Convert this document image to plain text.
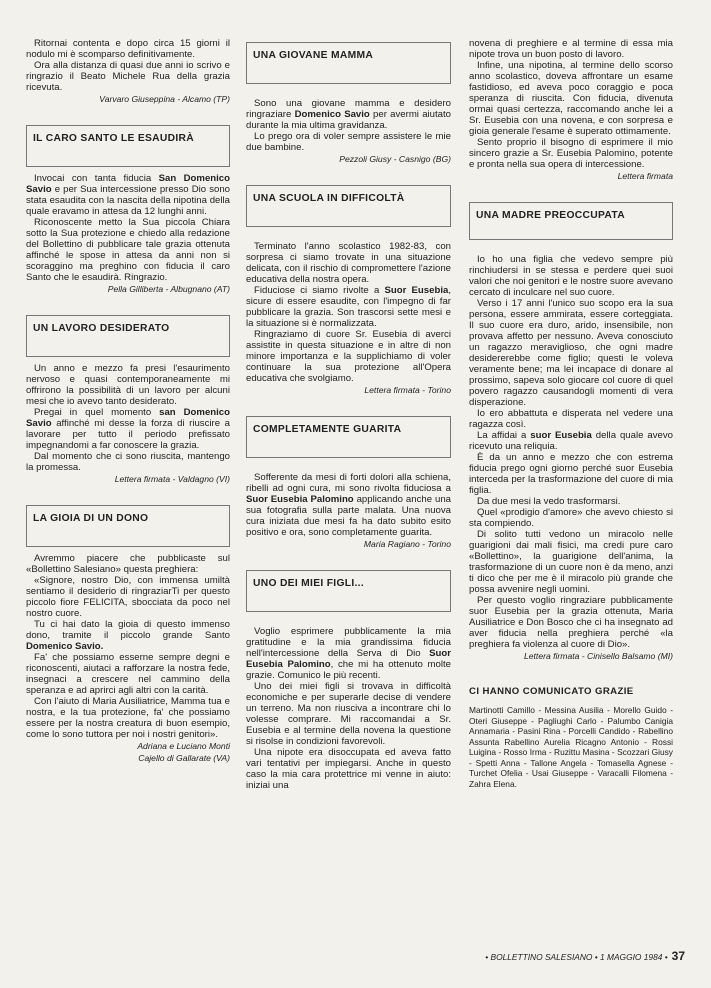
Ritornai contenta e dopo circa 15 giorni il nodulo mi è scomparso definitivamente.

Ora alla distanza di quasi due anni io scrivo e ringrazio il Beato Michele Rua della grazia ricevuta.

Varvaro Giuseppina - Alcamo (TP)
IL CARO SANTO LE ESAUDIRÀ

Invocai con tanta fiducia San Domenico Savio e per Sua intercessione presso Dio sono stata esaudita con la nascita della nipotina della quale eravamo in attesa da 12 lunghi anni.

Riconoscente metto la Sua piccola Chiara sotto la Sua protezione e chiedo alla redazione del Bollettino di pubblicare tale grazia ottenuta affinché le spose in attesa da anni non si scoraggino ma preghino con fiducia il caro Santo che le esaudirà. Ringrazio.

Pella Gilliberta - Albugnano (AT)
UN LAVORO DESIDERATO

Un anno e mezzo fa presi l'esaurimento nervoso e quasi contemporaneamente mi offrirono la possibilità di un lavoro per alcuni mesi che io avevo tanto desiderato.

Pregai in quel momento san Domenico Savio affinché mi desse la forza di riuscire a lavorare per tutto il periodo prefissato impegnandomi a far conoscere la grazia.

Dal momento che ci sono riuscita, mantengo la promessa.

Lettera firmata - Valdagno (VI)
LA GIOIA DI UN DONO

Avremmo piacere che pubblicaste sul «Bollettino Salesiano» questa preghiera:

«Signore, nostro Dio, con immensa umiltà sentiamo il desiderio di ringraziarTi per questo piccolo fiore FELICITA, sbocciata da poco nel nostro cuore.

Tu ci hai dato la gioia di questo immenso dono, tramite il piccolo grande Santo Domenico Savio.

Fa' che possiamo esserne sempre degni e riconoscenti, aiutaci a rafforzare la nostra fede, insegnaci a crescere nel cammino della speranza e ad aprirci agli altri con la carità.

Con l'aiuto di Maria Ausiliatrice, Mamma tua e nostra, e la tua protezione, fa' che possiamo essere per la nostra creatura di buon esempio, come lo sono tuttora per noi i nostri genitori».

Adriana e Luciano Monti
Cajello di Gallarate (VA)
UNA GIOVANE MAMMA

Sono una giovane mamma e desidero ringraziare Domenico Savio per avermi aiutato durante la mia ultima gravidanza.

Lo prego ora di voler sempre assistere le mie due bambine.

Pezzoli Giusy - Casnigo (BG)
UNA SCUOLA IN DIFFICOLTÀ

Terminato l'anno scolastico 1982-83, con sorpresa ci siamo trovate in una situazione delicata, con il rischio di compromettere l'azione educativa della nostra opera.

Fiduciose ci siamo rivolte a Suor Eusebia, sicure di essere esaudite, con l'impegno di far pubblicare la grazia. Son trascorsi sette mesi e la situazione si è normalizzata.

Ringraziamo di cuore Sr. Eusebia di averci assistite in questa situazione e in altre di non minore importanza e la supplichiamo di voler continuare la sua protezione all'Opera educativa che svolgiamo.

Lettera firmata - Torino
COMPLETAMENTE GUARITA

Sofferente da mesi di forti dolori alla schiena, ribelli ad ogni cura, mi sono rivolta fiduciosa a Suor Eusebia Palomino applicando anche una sua fotografia sulla parte malata. Una nuova cura iniziata due mesi fa ha dato subito esito positivo e ora, sono completamente guarita.

Maria Ragiano - Torino
UNO DEI MIEI FIGLI...

Voglio esprimere pubblicamente la mia gratitudine e la mia grandissima fiducia nell'intercessione della Serva di Dio Suor Eusebia Palomino, che mi ha ottenuto molte grazie. Comunico le più recenti.

Uno dei miei figli si trovava in difficoltà economiche e per superarle decise di vendere un terreno. Ma non riusciva a incontrare chi lo volesse comprare. Mi raccomandai a Sr. Eusebia e al termine della novena la questione si risolse in condizioni favorevoli.

Una nipote era disoccupata ed aveva fatto vari tentativi per impiegarsi. Anche in questo caso la mia cara protettrice mi venne in aiuto: iniziai una

novena di preghiere e al termine di essa mia nipote trova un buon posto di lavoro.

Infine, una nipotina, al termine dello scorso anno scolastico, doveva affrontare un esame fastidioso, ed aveva poco coraggio e poca speranza di riuscita. Con fiducia, divenuta ormai quasi certezza, raccomando anche lei a Sr. Eusebia con una novena, e con sorpresa e gioia generale l'esame è superato ottimamente.

Sento proprio il bisogno di esprimere il mio sincero grazie a Sr. Eusebia Palomino, potente e pronta nella sua opera di intercessione.

Lettera firmata
UNA MADRE PREOCCUPATA

Io ho una figlia che vedevo sempre più rinchiudersi in se stessa e perdere quei suoi valori che noi genitori e le nostre suore avevano cercato di inculcare nel suo cuore.

Verso i 17 anni l'unico suo scopo era la sua persona, essere ammirata, essere corteggiata. Il suo cuore era duro, arido, insensibile, non provava affetto per nessuno. Aveva conosciuto un ragazzo meraviglioso, che ogni madre desidererebbe come figlio; questi le voleva veramente bene; ma lei incapace di donare al prossimo, sapeva solo giocare col cuore di quel povero ragazzo causandogli momenti di vera disperazione.

Io ero abbattuta e disperata nel vedere una ragazza così.

La affidai a suor Eusebia della quale avevo ricevuto una reliquia.

È da un anno e mezzo che con estrema fiducia prego ogni giorno perché suor Eusebia interceda per la trasformazione del cuore di mia figlia.

Da due mesi la vedo trasformarsi.

Quel «prodigio d'amore» che avevo chiesto si sta compiendo.

Di solito tutti vedono un miracolo nelle guarigioni dai mali fisici, ma credi pure caro «Bollettino», la guarigione dell'anima, la trasformazione di un cuore non è da meno, anzi ti dico che per me è il miracolo più grande che possa avvenire negli uomini.

Per questo voglio ringraziare pubblicamente suor Eusebia per la grazia ottenuta, Maria Ausiliatrice e Don Bosco che ci ha insegnato ad aver fiducia nella preghiera perché «la preghiera fa violenza al cuore di Dio».

Lettera firmata - Cinisello Balsamo (MI)
CI HANNO COMUNICATO GRAZIE
Martinotti Camillo - Messina Ausilia - Morello Guido - Oteri Giuseppe - Pagliughi Carlo - Palumbo Canigia Annamaria - Pasini Rina - Porcelli Candido - Rabellino Assunta Rabellino Aurelia Ricagno Antonio - Rossi Luigina - Rosso Irma - Ruzittu Masina - Scozzari Giusy - Spetti Anna - Tallone Angela - Tomasella Agnese - Turchet Ofelia - Usai Giuseppe - Varacalli Filomena - Zahra Elena.
• BOLLETTINO SALESIANO • 1 MAGGIO 1984 • 37
